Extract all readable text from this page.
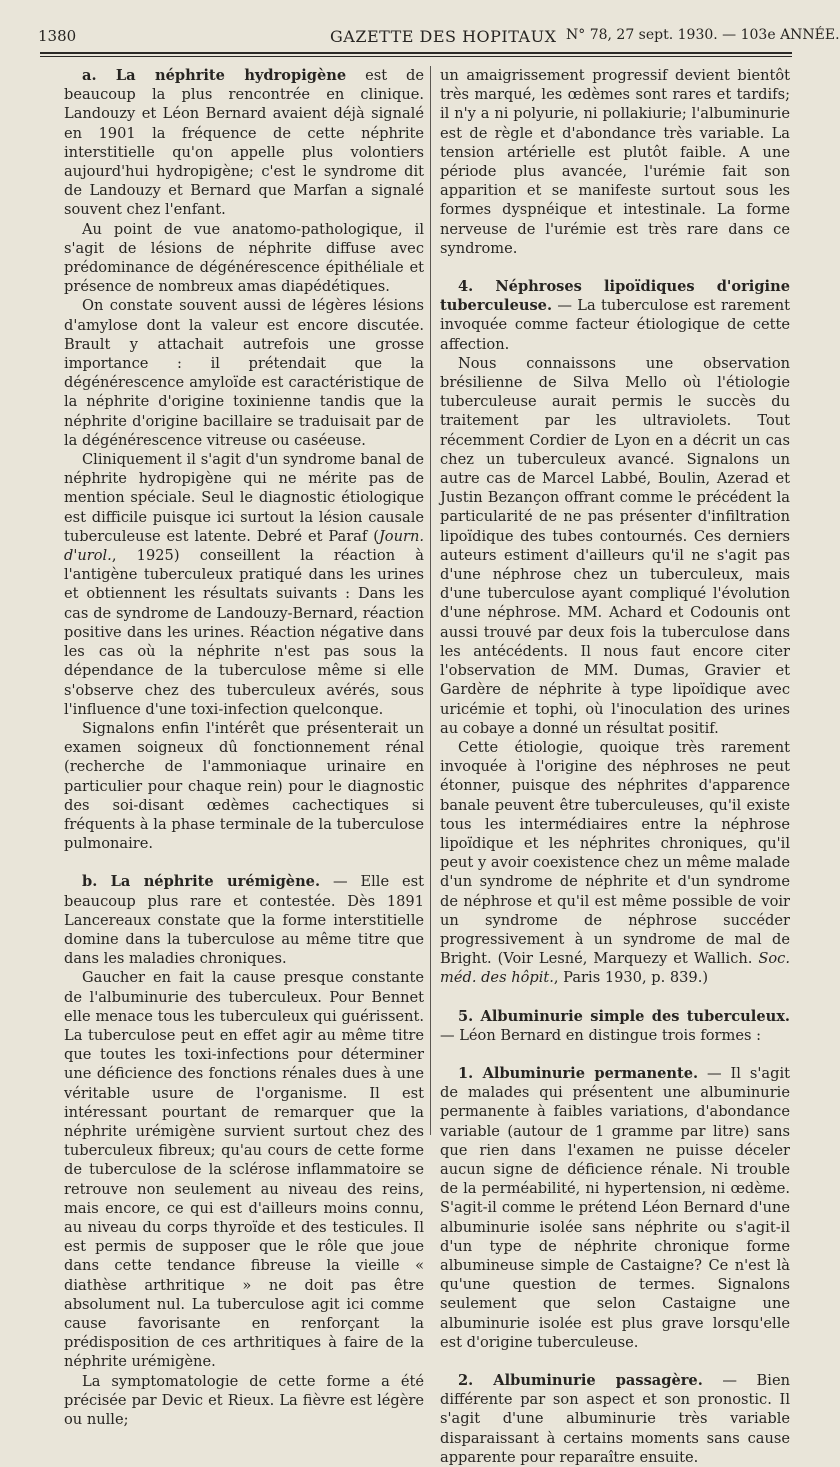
1380	GAZETTE DES HOPITAUX N° 78, 27 sept. 1930. — 103e ANNÉE.

a. La néphrite hydropigène est de beaucoup la plus rencontrée en clinique. Landouzy et Léon Bernard avaient déjà signalé en 1901 la fréquence de cette néphrite interstitielle qu'on appelle plus volontiers aujourd'hui hydropigène; c'est le syndrome dit de Landouzy et Bernard que Marfan a signalé souvent chez l'enfant.

Au point de vue anatomo-pathologique, il s'agit de lésions de néphrite diffuse avec prédominance de dégénérescence épithéliale et présence de nombreux amas diapédétiques.

On constate souvent aussi de légères lésions d'amylose dont la valeur est encore discutée. Brault y attachait autrefois une grosse importance : il prétendait que la dégénérescence amyloïde est caractéristique de la néphrite d'origine toxinienne tandis que la néphrite d'origine bacillaire se traduisait par de la dégénérescence vitreuse ou caséeuse.

Cliniquement il s'agit d'un syndrome banal de néphrite hydropigène qui ne mérite pas de mention spéciale. Seul le diagnostic étiologique est difficile puisque ici surtout la lésion causale tuberculeuse est latente. Debré et Paraf (Journ. d'urol., 1925) conseillent la réaction à l'antigène tuberculeux pratiqué dans les urines et obtiennent les résultats suivants : Dans les cas de syndrome de Landouzy-Bernard, réaction positive dans les urines. Réaction négative dans les cas où la néphrite n'est pas sous la dépendance de la tuberculose même si elle s'observe chez des tuberculeux avérés, sous l'influence d'une toxi-infection quelconque.

Signalons enfin l'intérêt que présenterait un examen soigneux dû fonctionnement rénal (recherche de l'ammoniaque urinaire en particulier pour chaque rein) pour le diagnostic des soi-disant œdèmes cachectiques si fréquents à la phase terminale de la tuberculose pulmonaire.

b. La néphrite urémigène. — Elle est beaucoup plus rare et contestée. Dès 1891 Lancereaux constate que la forme interstitielle domine dans la tuberculose au même titre que dans les maladies chroniques.

Gaucher en fait la cause presque constante de l'albuminurie des tuberculeux. Pour Bennet elle menace tous les tuberculeux qui guérissent. La tuberculose peut en effet agir au même titre que toutes les toxi-infections pour déterminer une déficience des fonctions rénales dues à une véritable usure de l'organisme. Il est intéressant pourtant de remarquer que la néphrite urémigène survient surtout chez des tuberculeux fibreux; qu'au cours de cette forme de tuberculose de la sclérose inflammatoire se retrouve non seulement au niveau des reins, mais encore, ce qui est d'ailleurs moins connu, au niveau du corps thyroïde et des testicules. Il est permis de supposer que le rôle que joue dans cette tendance fibreuse la vieille « diathèse arthritique » ne doit pas être absolument nul. La tuberculose agit ici comme cause favorisante en renforçant la prédisposition de ces arthritiques à faire de la néphrite urémigène.

La symptomatologie de cette forme a été précisée par Devic et Rieux. La fièvre est légère ou nulle;

un amaigrissement progressif devient bientôt très marqué, les œdèmes sont rares et tardifs; il n'y a ni polyurie, ni pollakiurie; l'albuminurie est de règle et d'abondance très variable. La tension artérielle est plutôt faible. A une période plus avancée, l'urémie fait son apparition et se manifeste surtout sous les formes dyspnéique et intestinale. La forme nerveuse de l'urémie est très rare dans ce syndrome.

4. Néphroses lipoïdiques d'origine tuberculeuse. — La tuberculose est rarement invoquée comme facteur étiologique de cette affection.

Nous connaissons une observation brésilienne de Silva Mello où l'étiologie tuberculeuse aurait permis le succès du traitement par les ultraviolets. Tout récemment Cordier de Lyon en a décrit un cas chez un tuberculeux avancé. Signalons un autre cas de Marcel Labbé, Boulin, Azerad et Justin Bezançon offrant comme le précédent la particularité de ne pas présenter d'infiltration lipoïdique des tubes contournés. Ces derniers auteurs estiment d'ailleurs qu'il ne s'agit pas d'une néphrose chez un tuberculeux, mais d'une tuberculose ayant compliqué l'évolution d'une néphrose. MM. Achard et Codounis ont aussi trouvé par deux fois la tuberculose dans les antécédents. Il nous faut encore citer l'observation de MM. Dumas, Gravier et Gardère de néphrite à type lipoïdique avec uricémie et tophi, où l'inoculation des urines au cobaye a donné un résultat positif.

Cette étiologie, quoique très rarement invoquée à l'origine des néphroses ne peut étonner, puisque des néphrites d'apparence banale peuvent être tuberculeuses, qu'il existe tous les intermédiaires entre la néphrose lipoïdique et les néphrites chroniques, qu'il peut y avoir coexistence chez un même malade d'un syndrome de néphrite et d'un syndrome de néphrose et qu'il est même possible de voir un syndrome de néphrose succéder progressivement à un syndrome de mal de Bright. (Voir Lesné, Marquezy et Wallich. Soc. méd. des hôpit., Paris 1930, p. 839.)

5. Albuminurie simple des tuberculeux. — Léon Bernard en distingue trois formes :

1. Albuminurie permanente. — Il s'agit de malades qui présentent une albuminurie permanente à faibles variations, d'abondance variable (autour de 1 gramme par litre) sans que rien dans l'examen ne puisse déceler aucun signe de déficience rénale. Ni trouble de la perméabilité, ni hypertension, ni œdème. S'agit-il comme le prétend Léon Bernard d'une albuminurie isolée sans néphrite ou s'agit-il d'un type de néphrite chronique forme albumineuse simple de Castaigne? Ce n'est là qu'une question de termes. Signalons seulement que selon Castaigne une albuminurie isolée est plus grave lorsqu'elle est d'origine tuberculeuse.

2. Albuminurie passagère. — Bien différente par son aspect et son pronostic. Il s'agit d'une albuminurie très variable disparaissant à certains moments sans cause apparente pour reparaître ensuite.
